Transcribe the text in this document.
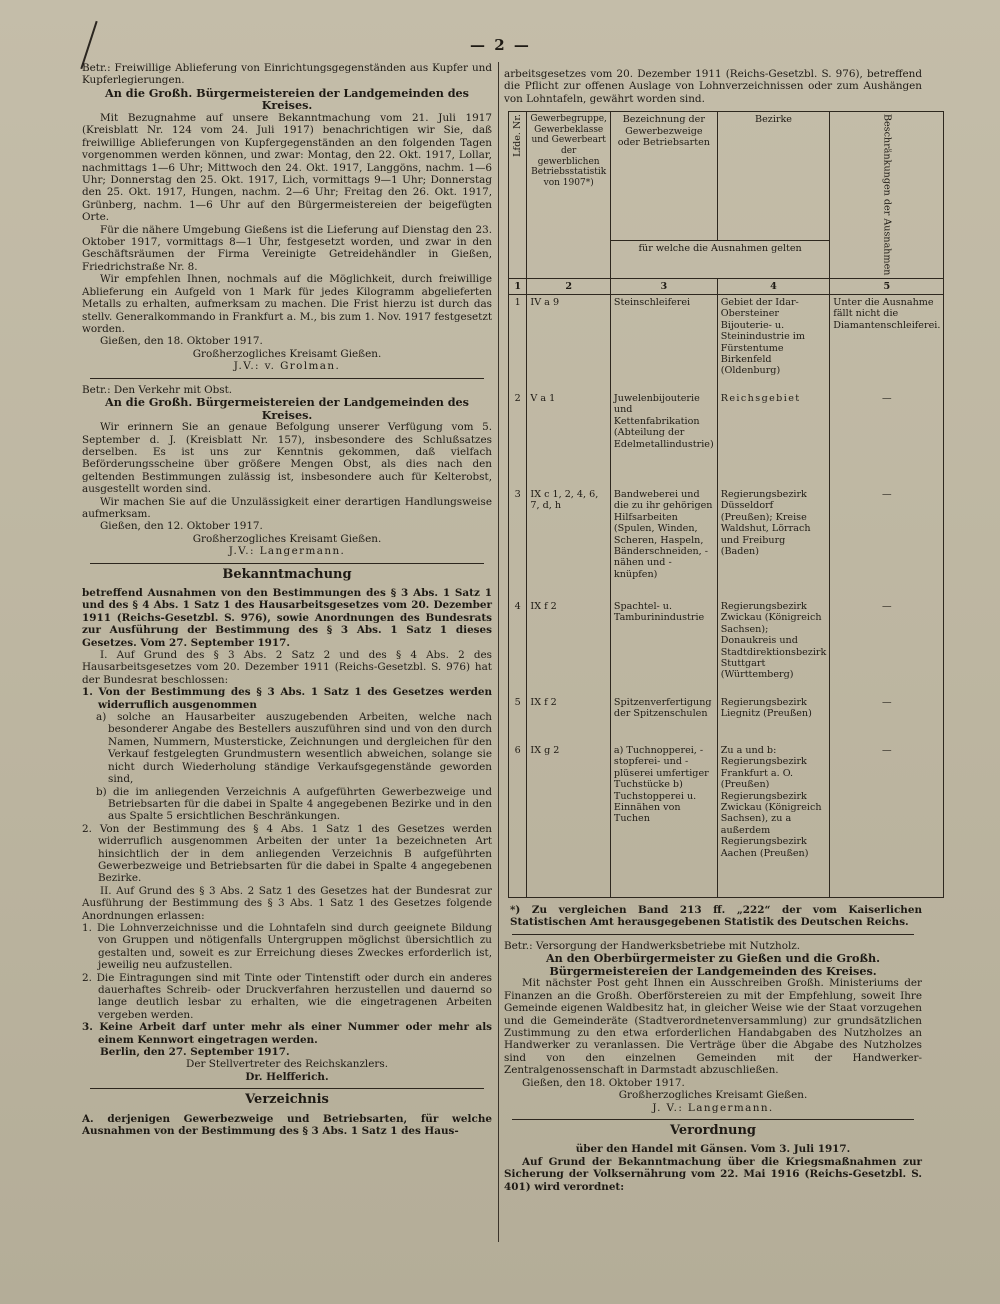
— 2 —

Betr.: Freiwillige Ablieferung von Einrichtungsgegenständen aus Kupfer und Kupferlegierungen.

An die Großh. Bürgermeistereien der Landgemeinden des Kreises.

Mit Bezugnahme auf unsere Bekanntmachung vom 21. Juli 1917 (Kreisblatt Nr. 124 vom 24. Juli 1917) benachrichtigen wir Sie, daß freiwillige Ablieferungen von Kupfergegenständen an den folgenden Tagen vorgenommen werden können, und zwar: Montag, den 22. Okt. 1917, Lollar, nachmittags 1—6 Uhr; Mittwoch den 24. Okt. 1917, Langgöns, nachm. 1—6 Uhr; Donnerstag den 25. Okt. 1917, Lich, vormittags 9—1 Uhr; Donnerstag den 25. Okt. 1917, Hungen, nachm. 2—6 Uhr; Freitag den 26. Okt. 1917, Grünberg, nachm. 1—6 Uhr auf den Bürgermeistereien der beigefügten Orte.

Für die nähere Umgebung Gießens ist die Lieferung auf Dienstag den 23. Oktober 1917, vormittags 8—1 Uhr, festgesetzt worden, und zwar in den Geschäftsräumen der Firma Vereinigte Getreidehändler in Gießen, Friedrichstraße Nr. 8.

Wir empfehlen Ihnen, nochmals auf die Möglichkeit, durch freiwillige Ablieferung ein Aufgeld von 1 Mark für jedes Kilogramm abgelieferten Metalls zu erhalten, aufmerksam zu machen. Die Frist hierzu ist durch das stellv. Generalkommando in Frankfurt a. M., bis zum 1. Nov. 1917 festgesetzt worden.

Gießen, den 18. Oktober 1917.

Großherzogliches Kreisamt Gießen.

J.V.: v. Grolman.

Betr.: Den Verkehr mit Obst.

An die Großh. Bürgermeistereien der Landgemeinden des Kreises.

Wir erinnern Sie an genaue Befolgung unserer Verfügung vom 5. September d. J. (Kreisblatt Nr. 157), insbesondere des Schlußsatzes derselben. Es ist uns zur Kenntnis gekommen, daß vielfach Beförderungsscheine über größere Mengen Obst, als dies nach den geltenden Bestimmungen zulässig ist, insbesondere auch für Kelterobst, ausgestellt worden sind.

Wir machen Sie auf die Unzulässigkeit einer derartigen Handlungsweise aufmerksam.

Gießen, den 12. Oktober 1917.

Großherzogliches Kreisamt Gießen.

J.V.: Langermann.

Bekanntmachung

betreffend Ausnahmen von den Bestimmungen des § 3 Abs. 1 Satz 1 und des § 4 Abs. 1 Satz 1 des Hausarbeitsgesetzes vom 20. Dezember 1911 (Reichs-Gesetzbl. S. 976), sowie Anordnungen des Bundesrats zur Ausführung der Bestimmung des § 3 Abs. 1 Satz 1 dieses Gesetzes. Vom 27. September 1917.

I. Auf Grund des § 3 Abs. 2 Satz 2 und des § 4 Abs. 2 des Hausarbeitsgesetzes vom 20. Dezember 1911 (Reichs-Gesetzbl. S. 976) hat der Bundesrat beschlossen:

1. Von der Bestimmung des § 3 Abs. 1 Satz 1 des Gesetzes werden widerruflich ausgenommen

a) solche an Hausarbeiter auszugebenden Arbeiten, welche nach besonderer Angabe des Bestellers auszuführen sind und von den durch Namen, Nummern, Mustersticke, Zeichnungen und dergleichen für den Verkauf festgelegten Grundmustern wesentlich abweichen, solange sie nicht durch Wiederholung ständige Verkaufsgegenstände geworden sind,

b) die im anliegenden Verzeichnis A aufgeführten Gewerbezweige und Betriebsarten für die dabei in Spalte 4 angegebenen Bezirke und in den aus Spalte 5 ersichtlichen Beschränkungen.

2. Von der Bestimmung des § 4 Abs. 1 Satz 1 des Gesetzes werden widerruflich ausgenommen Arbeiten der unter 1a bezeichneten Art hinsichtlich der in dem anliegenden Verzeichnis B aufgeführten Gewerbezweige und Betriebsarten für die dabei in Spalte 4 angegebenen Bezirke.

II. Auf Grund des § 3 Abs. 2 Satz 1 des Gesetzes hat der Bundesrat zur Ausführung der Bestimmung des § 3 Abs. 1 Satz 1 des Gesetzes folgende Anordnungen erlassen:

1. Die Lohnverzeichnisse und die Lohntafeln sind durch geeignete Bildung von Gruppen und nötigenfalls Untergruppen möglichst übersichtlich zu gestalten und, soweit es zur Erreichung dieses Zweckes erforderlich ist, jeweilig neu aufzustellen.

2. Die Eintragungen sind mit Tinte oder Tintenstift oder durch ein anderes dauerhaftes Schreib- oder Druckverfahren herzustellen und dauernd so lange deutlich lesbar zu erhalten, wie die eingetragenen Arbeiten vergeben werden.

3. Keine Arbeit darf unter mehr als einer Nummer oder mehr als einem Kennwort eingetragen werden.

Berlin, den 27. September 1917.

Der Stellvertreter des Reichskanzlers.

Dr. Helfferich.

Verzeichnis

A. derjenigen Gewerbezweige und Betriebsarten, für welche Ausnahmen von der Bestimmung des § 3 Abs. 1 Satz 1 des Haus-

arbeitsgesetzes vom 20. Dezember 1911 (Reichs-Gesetzbl. S. 976), betreffend die Pflicht zur offenen Auslage von Lohnverzeichnissen oder zum Aushängen von Lohntafeln, gewährt worden sind.

Lfde. Nr.	Gewerbegruppe, Gewerbeklasse und Gewerbeart der gewerblichen Betriebsstatistik von 1907*)	Bezeichnung der Gewerbezweige oder Betriebsarten	Bezirke	Beschränkungen der Ausnahmen

		für welche die Ausnahmen gelten		
1	2	3	4	5
1	IV a 9	Steinschleiferei	Gebiet der Idar-Obersteiner Bijouterie- u. Steinindustrie im Fürstentume Birkenfeld (Oldenburg)	Unter die Ausnahme fällt nicht die Diamantenschleiferei.
2	V a 1	Juwelenbijouterie und Kettenfabrikation (Abteilung der Edelmetallindustrie)	Reichsgebiet	—
3	IX c 1, 2, 4, 6, 7, d, h	Bandweberei und die zu ihr gehörigen Hilfsarbeiten (Spulen, Winden, Scheren, Haspeln, Bänderschneiden, -nähen und -knüpfen)	Regierungsbezirk Düsseldorf (Preußen); Kreise Waldshut, Lörrach und Freiburg (Baden)	—
4	IX f 2	Spachtel- u. Tamburinindustrie	Regierungsbezirk Zwickau (Königreich Sachsen); Donaukreis und Stadtdirektionsbezirk Stuttgart (Württemberg)	—
5	IX f 2	Spitzenverfertigung der Spitzenschulen	Regierungsbezirk Liegnitz (Preußen)	—
6	IX g 2	a) Tuchnopperei, -stopferei- und -plüserei umfertiger Tuchstücke b) Tuchstopperei u. Einnähen von Tuchen	Zu a und b: Regierungsbezirk Frankfurt a. O. (Preußen) Regierungsbezirk Zwickau (Königreich Sachsen), zu a außerdem Regierungsbezirk Aachen (Preußen)	—

*) Zu vergleichen Band 213 ff. „222“ der vom Kaiserlichen Statistischen Amt herausgegebenen Statistik des Deutschen Reichs.

Betr.: Versorgung der Handwerksbetriebe mit Nutzholz.

An den Oberbürgermeister zu Gießen und die Großh. Bürgermeistereien der Landgemeinden des Kreises.

Mit nächster Post geht Ihnen ein Ausschreiben Großh. Ministeriums der Finanzen an die Großh. Oberförstereien zu mit der Empfehlung, soweit Ihre Gemeinde eigenen Waldbesitz hat, in gleicher Weise wie der Staat vorzugehen und die Gemeinderäte (Stadtverordnetenversammlung) zur grundsätzlichen Zustimmung zu den etwa erforderlichen Handabgaben des Nutzholzes an Handwerker zu veranlassen. Die Verträge über die Abgabe des Nutzholzes sind von den einzelnen Gemeinden mit der Handwerker-Zentralgenossenschaft in Darmstadt abzuschließen.

Gießen, den 18. Oktober 1917.

Großherzogliches Kreisamt Gießen.

J. V.: Langermann.

Verordnung

über den Handel mit Gänsen. Vom 3. Juli 1917.

Auf Grund der Bekanntmachung über die Kriegsmaßnahmen zur Sicherung der Volksernährung vom 22. Mai 1916 (Reichs-Gesetzbl. S. 401) wird verordnet:
